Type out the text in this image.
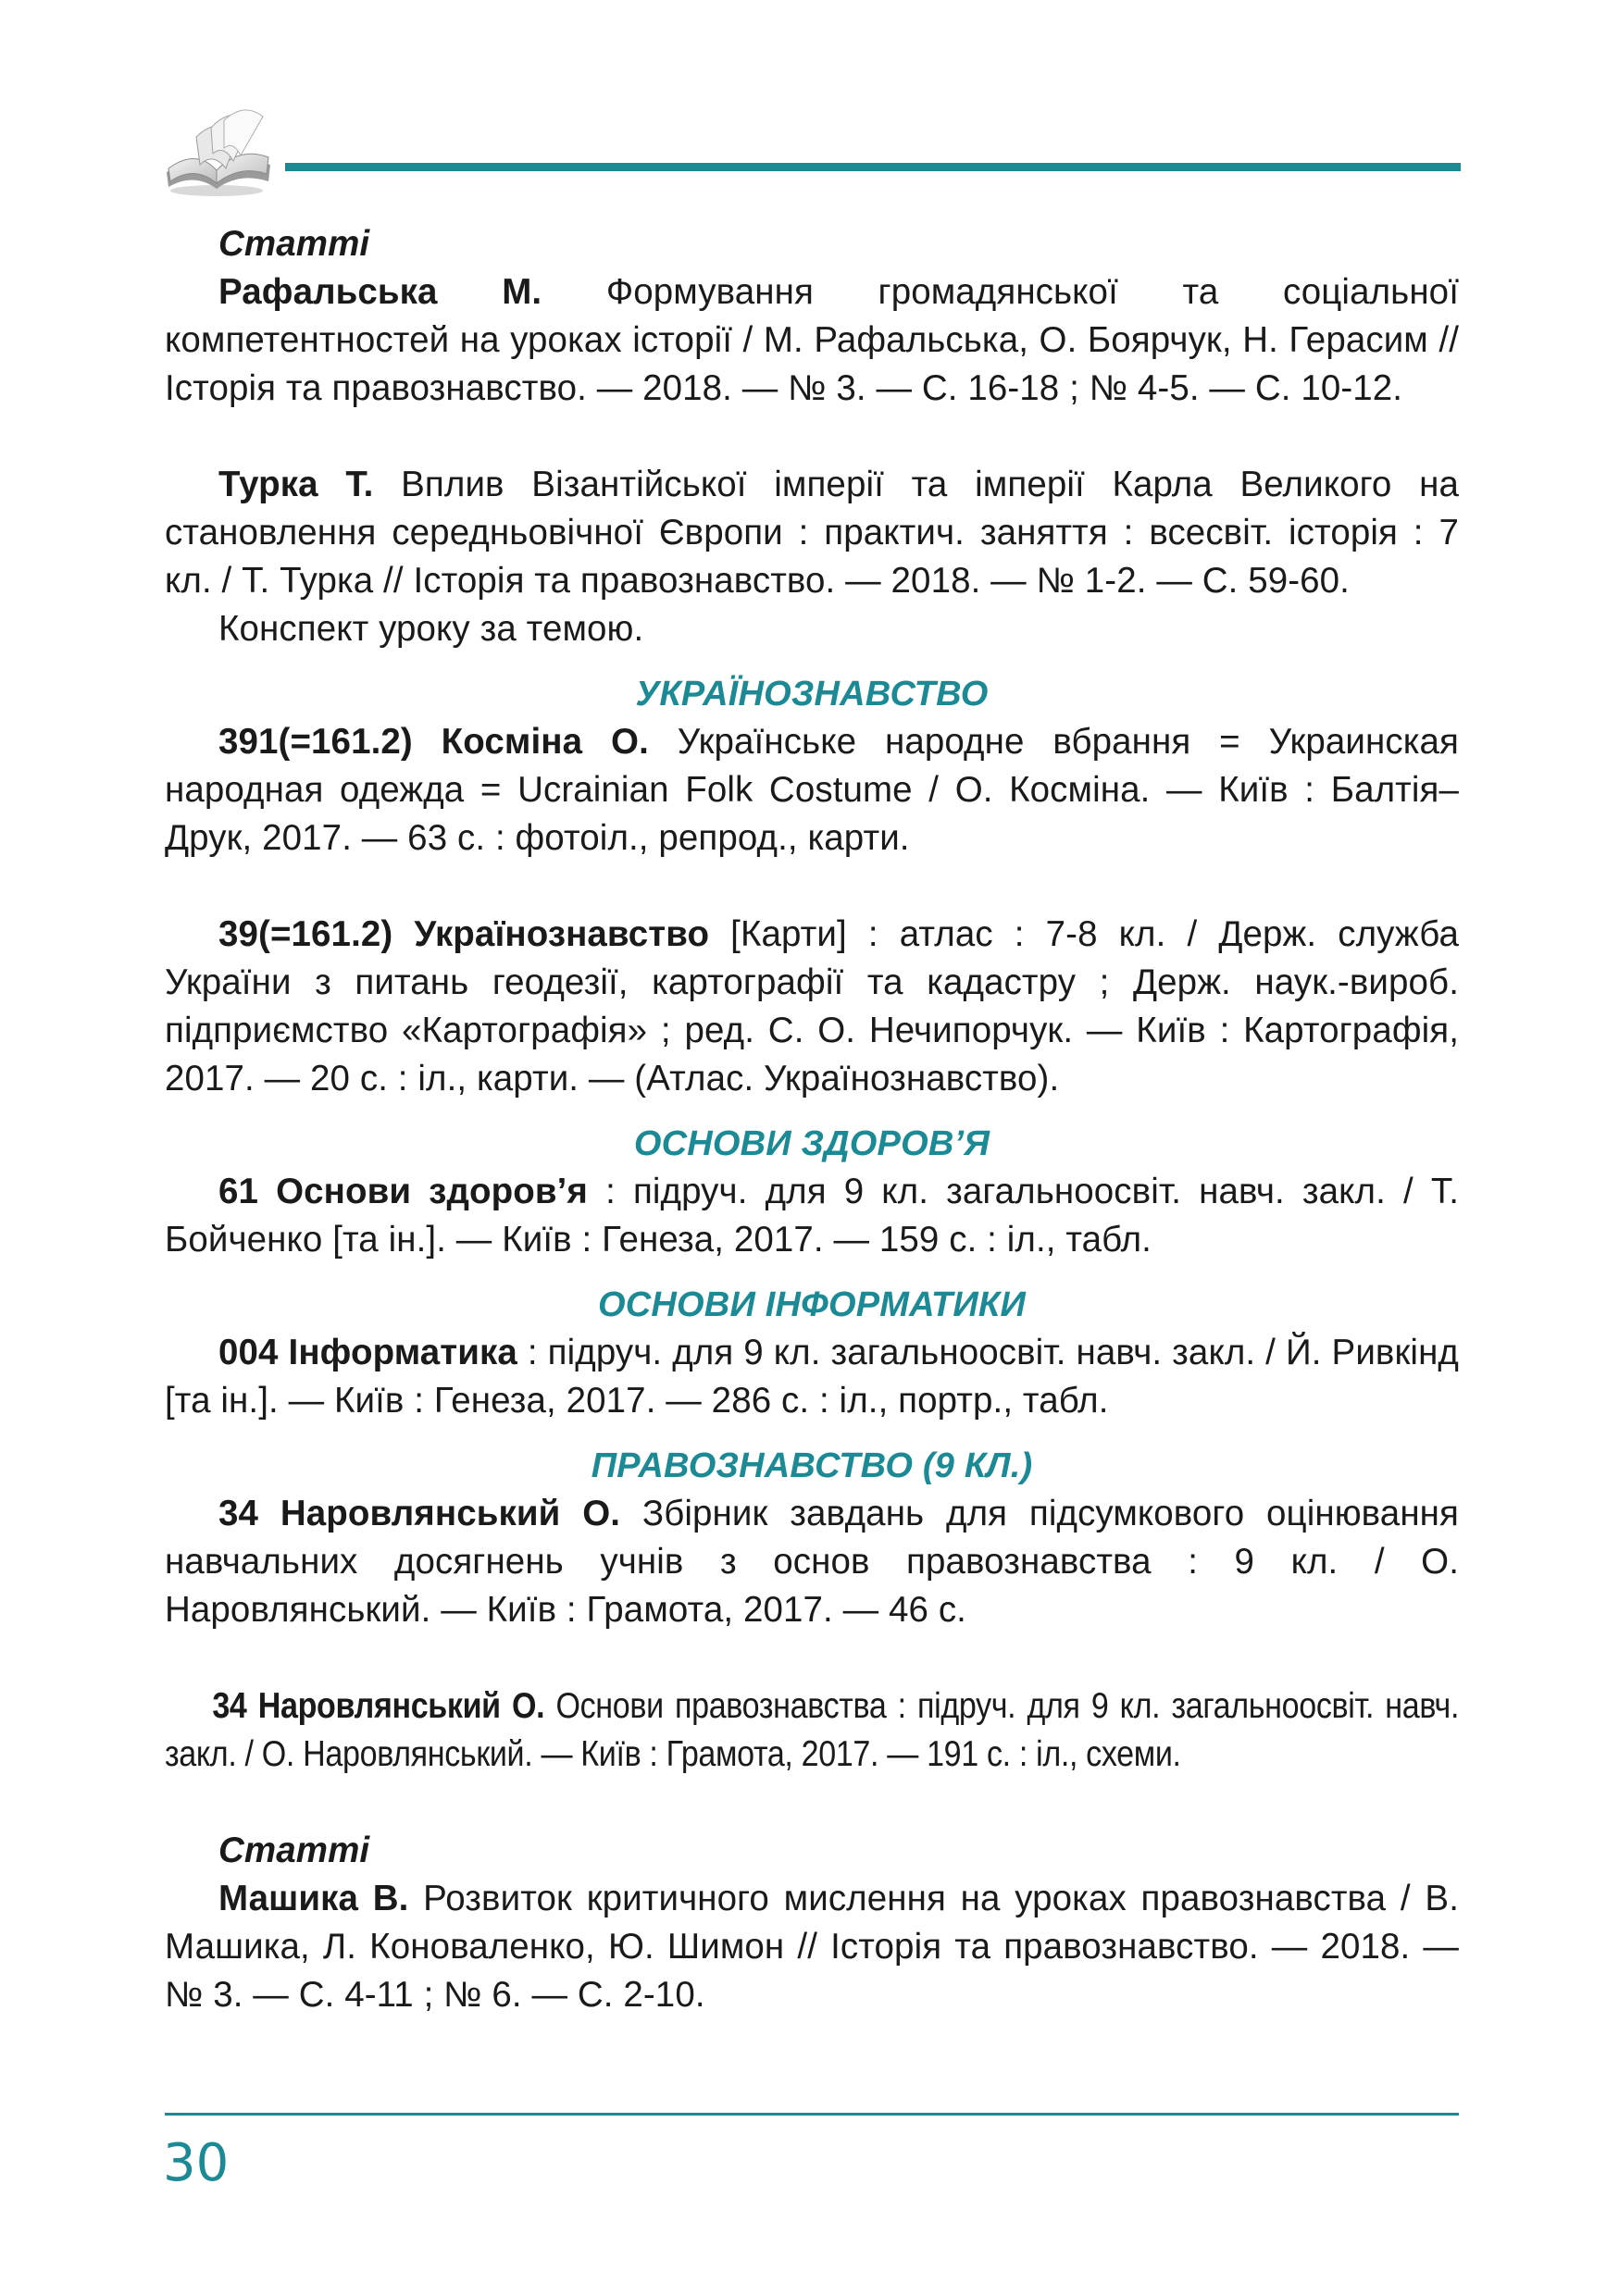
Статті

Рафальська М. Формування громадянської та соціальної компетентностей на уроках історії / М. Рафальська, О. Боярчук, Н. Герасим // Історія та правознавство. — 2018. — № 3. — С. 16-18 ; № 4-5. — С. 10-12.

Турка Т. Вплив Візантійської імперії та імперії Карла Великого на становлення середньовічної Європи : практич. заняття : всесвіт. історія : 7 кл. / Т. Турка // Історія та правознавство. — 2018. — № 1-2. — С. 59-60.

Конспект уроку за темою.

УКРАЇНОЗНАВСТВО

391(=161.2) Косміна О. Українське народне вбрання = Украинская народная одежда = Ucrainian Folk Costume / О. Косміна. — Київ : Балтія–Друк, 2017. — 63 с. : фотоіл., репрод., карти.

39(=161.2) Українознавство [Карти] : атлас : 7-8 кл. / Держ. служба України з питань геодезії, картографії та кадастру ; Держ. наук.-вироб. підприємство «Картографія» ; ред. С. О. Нечипорчук. — Київ : Картографія, 2017. — 20 с. : іл., карти. — (Атлас. Українознавство).

ОСНОВИ ЗДОРОВ’Я

61 Основи здоров’я : підруч. для 9 кл. загальноосвіт. навч. закл. / Т. Бойченко [та ін.]. — Київ : Генеза, 2017. — 159 с. : іл., табл.

ОСНОВИ ІНФОРМАТИКИ

004 Інформатика : підруч. для 9 кл. загальноосвіт. навч. закл. / Й. Ривкінд [та ін.]. — Київ : Генеза, 2017. — 286 с. : іл., портр., табл.

ПРАВОЗНАВСТВО (9 КЛ.)

34 Наровлянський О. Збірник завдань для підсумкового оцінювання навчальних досягнень учнів з основ правознавства : 9 кл. / О. Наровлянський. — Київ : Грамота, 2017. — 46 с.

34 Наровлянський О. Основи правознавства : підруч. для 9 кл. загальноосвіт. навч. закл. / О. Наровлянський. — Київ : Грамота, 2017. — 191 с. : іл., схеми.

Статті

Машика В. Розвиток критичного мислення на уроках правознавства / В. Машика, Л. Коноваленко, Ю. Шимон // Історія та правознавство. — 2018. — № 3. — С. 4-11 ; № 6. — С. 2-10.

30
